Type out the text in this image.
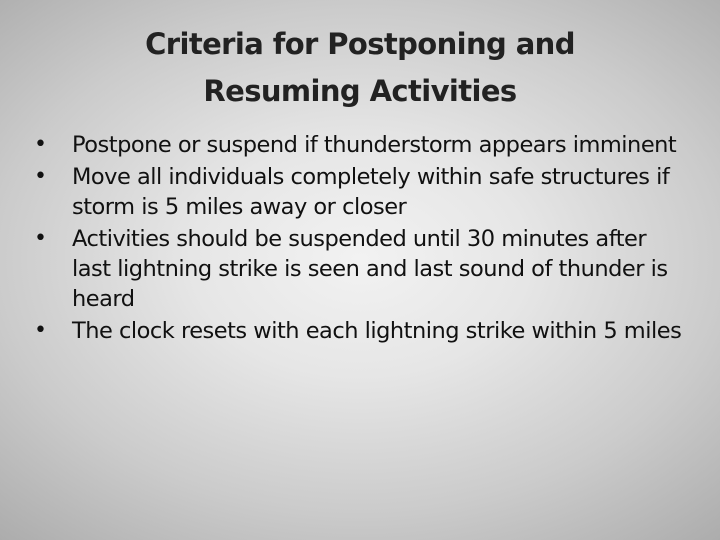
Criteria for Postponing and
Resuming Activities
•	Postpone or suspend if thunderstorm appears imminent
•	Move all individuals completely within safe structures if storm is 5 miles away or closer
•	Activities should be suspended until 30 minutes after last lightning strike is seen and last sound of thunder is heard
•	The clock resets with each lightning strike within 5 miles
